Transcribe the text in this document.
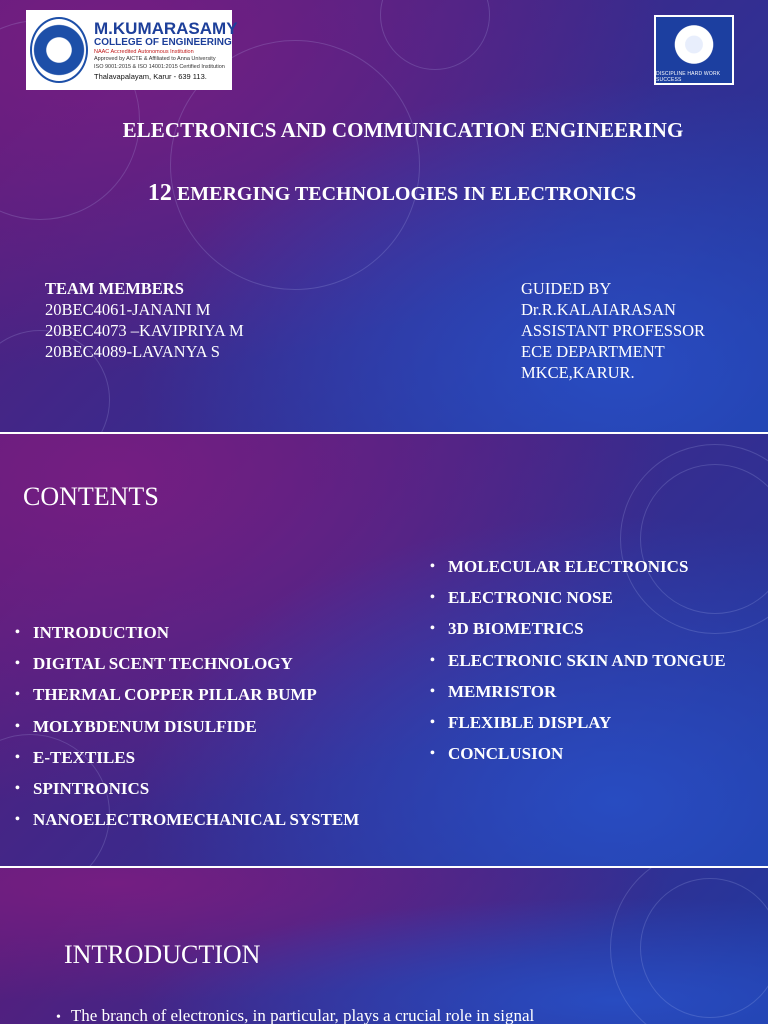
M.KUMARASAMY
COLLEGE OF ENGINEERING
NAAC Accredited Autonomous Institution
Approved by AICTE & Affiliated to Anna University
ISO 9001:2015 & ISO 14001:2015 Certified Institution
Thalavapalayam, Karur - 639 113.	DISCIPLINE HARD WORK SUCCESS
ELECTRONICS AND COMMUNICATION ENGINEERING
12 EMERGING TECHNOLOGIES IN ELECTRONICS
TEAM MEMBERS
20BEC4061-JANANI M
20BEC4073 –KAVIPRIYA M
20BEC4089-LAVANYA S
GUIDED BY
Dr.R.KALAIARASAN
ASSISTANT PROFESSOR
ECE DEPARTMENT
MKCE,KARUR.
CONTENTS
• INTRODUCTION
• DIGITAL SCENT TECHNOLOGY
• THERMAL COPPER PILLAR BUMP
• MOLYBDENUM DISULFIDE
• E-TEXTILES
• SPINTRONICS
• NANOELECTROMECHANICAL SYSTEM
• MOLECULAR ELECTRONICS
• ELECTRONIC NOSE
• 3D BIOMETRICS
• ELECTRONIC SKIN AND TONGUE
• MEMRISTOR
• FLEXIBLE DISPLAY
• CONCLUSION
INTRODUCTION
• The branch of electronics, in particular, plays a crucial role in signal
